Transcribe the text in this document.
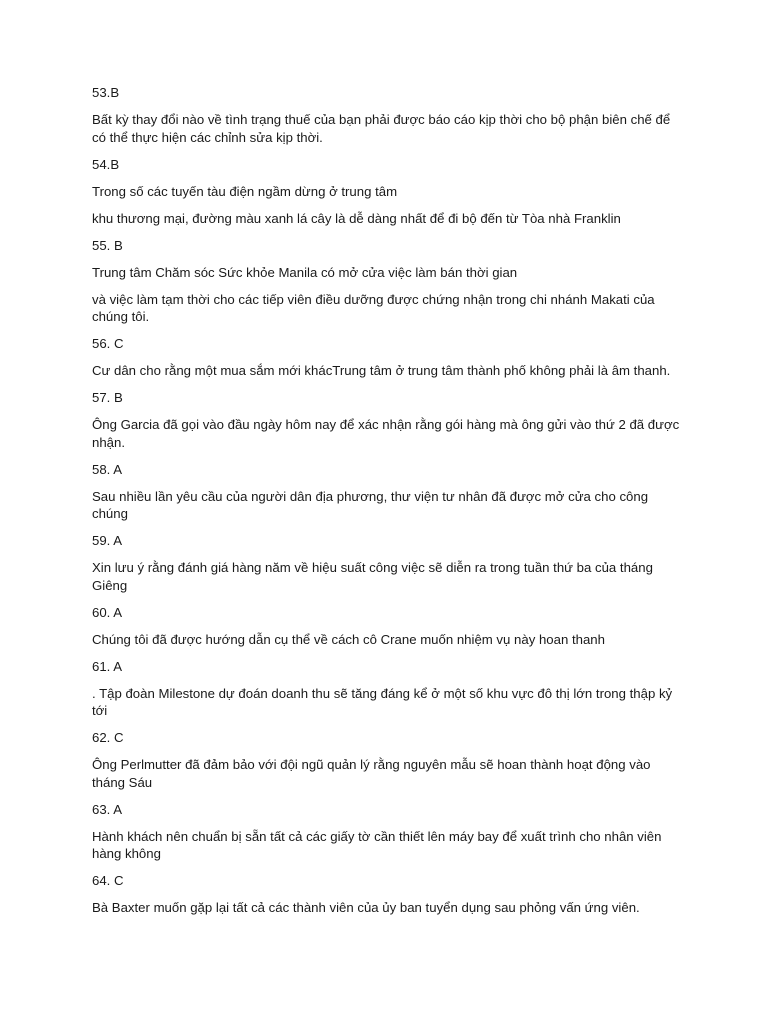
53.B
Bất kỳ thay đổi nào về tình trạng thuế của bạn phải được báo cáo kịp thời cho bộ phận biên chế để có thể thực hiện các chỉnh sửa kịp thời.
54.B
Trong số các tuyến tàu điện ngầm dừng ở trung tâm
khu thương mại, đường màu xanh lá cây là dễ dàng nhất để đi bộ đến từ Tòa nhà Franklin
55. B
Trung tâm Chăm sóc Sức khỏe Manila có mở cửa việc làm bán thời gian
và việc làm tạm thời cho các tiếp viên điều dưỡng được chứng nhận trong chi nhánh Makati của chúng tôi.
56. C
Cư dân cho rằng một mua sắm mới khácTrung tâm ở trung tâm thành phố không phải là âm thanh.
57. B
Ông Garcia đã gọi vào đầu ngày hôm nay để xác nhận rằng gói hàng mà ông gửi vào thứ 2 đã được nhận.
58. A
Sau nhiều lần yêu cầu của người dân địa phương, thư viện tư nhân đã được mở cửa cho công chúng
59. A
Xin lưu ý rằng đánh giá hàng năm về hiệu suất công việc sẽ diễn ra trong tuần thứ ba của tháng Giêng
60. A
Chúng tôi đã được hướng dẫn cụ thể về cách cô Crane muốn nhiệm vụ này hoan thanh
61. A
. Tập đoàn Milestone dự đoán doanh thu sẽ tăng đáng kể ở một số khu vực đô thị lớn trong thập kỷ tới
62. C
Ông Perlmutter đã đảm bảo với đội ngũ quản lý rằng nguyên mẫu sẽ hoan thành hoạt động vào tháng Sáu
63. A
Hành khách nên chuẩn bị sẵn tất cả các giấy tờ cần thiết lên máy bay để xuất trình cho nhân viên hàng không
64. C
Bà Baxter muốn gặp lại tất cả các thành viên của ủy ban tuyển dụng sau phỏng vấn ứng viên.
